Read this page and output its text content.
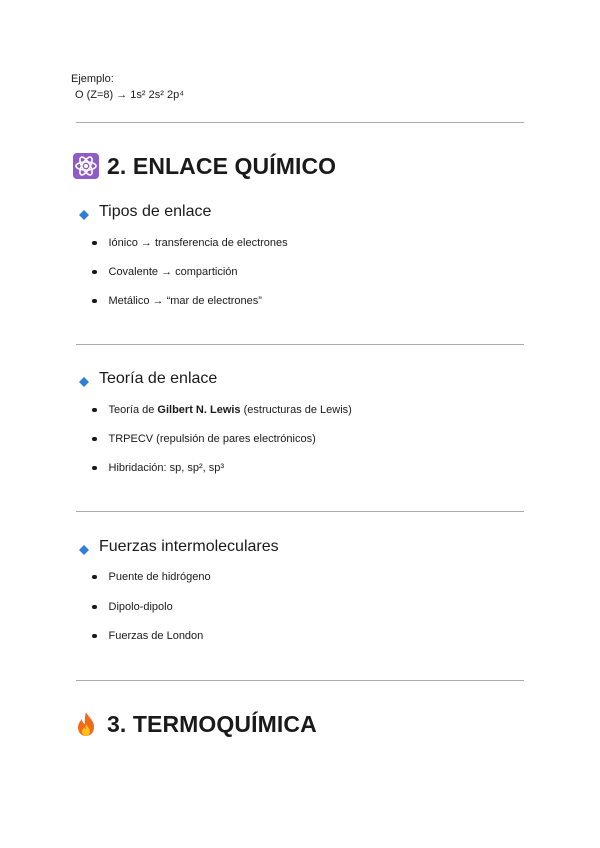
Ejemplo:
O (Z=8) → 1s² 2s² 2p⁴
2. ENLACE QUÍMICO
Tipos de enlace
Iónico → transferencia de electrones
Covalente → compartición
Metálico → “mar de electrones”
Teoría de enlace
Teoría de Gilbert N. Lewis (estructuras de Lewis)
TRPECV (repulsión de pares electrónicos)
Hibridación: sp, sp², sp³
Fuerzas intermoleculares
Puente de hidrógeno
Dipolo-dipolo
Fuerzas de London
3. TERMOQUÍMICA
